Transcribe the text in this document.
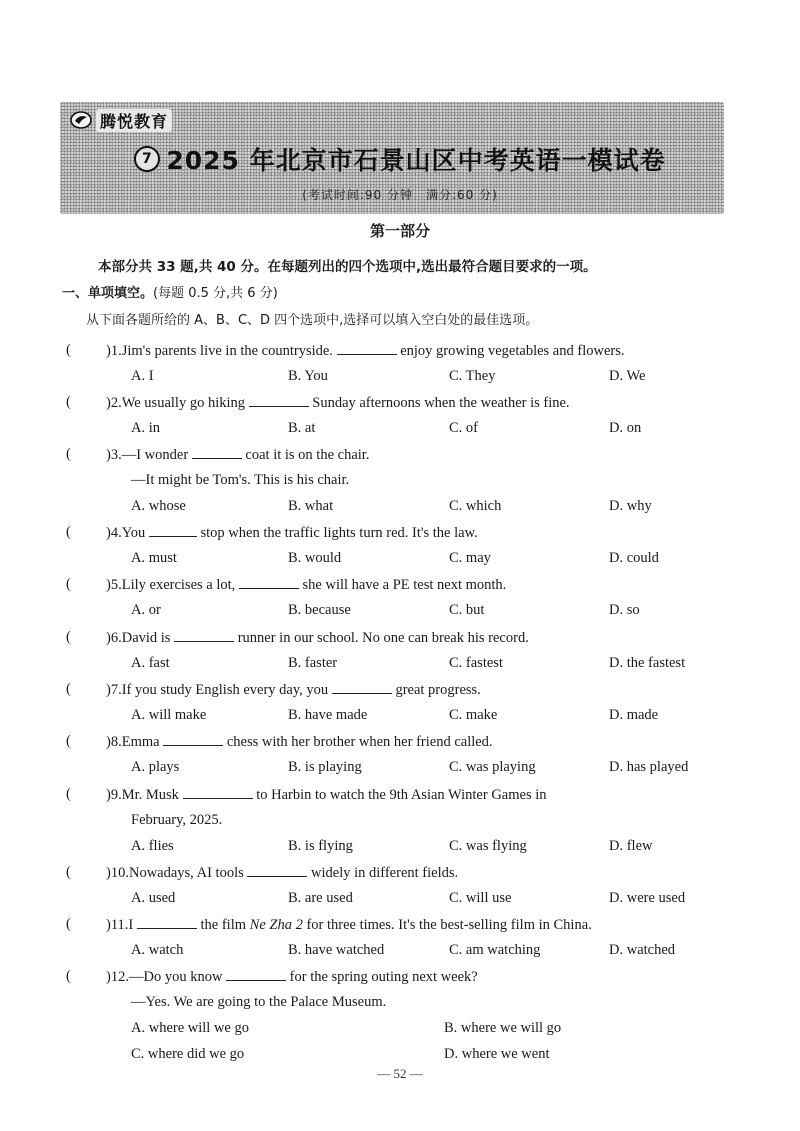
腾悦教育
7 2025 年北京市石景山区中考英语一模试卷
(考试时间:90 分钟　满分:60 分)
第一部分
本部分共 33 题,共 40 分。在每题列出的四个选项中,选出最符合题目要求的一项。
一、单项填空。(每题 0.5 分,共 6 分)
从下面各题所给的 A、B、C、D 四个选项中,选择可以填入空白处的最佳选项。
( )1.Jim's parents live in the countryside.	enjoy growing vegetables and flowers.
A. I	B. You	C. They	D. We
( )2.We usually go hiking	Sunday afternoons when the weather is fine.
A. in	B. at	C. of	D. on
( )3.—I wonder	coat it is on the chair.
—It might be Tom's. This is his chair.
A. whose	B. what	C. which	D. why
( )4.You	stop when the traffic lights turn red. It's the law.
A. must	B. would	C. may	D. could
( )5.Lily exercises a lot,	she will have a PE test next month.
A. or	B. because	C. but	D. so
( )6.David is	runner in our school. No one can break his record.
A. fast	B. faster	C. fastest	D. the fastest
( )7.If you study English every day, you	great progress.
A. will make	B. have made	C. make	D. made
( )8.Emma	chess with her brother when her friend called.
A. plays	B. is playing	C. was playing	D. has played
( )9.Mr. Musk	to Harbin to watch the 9th Asian Winter Games in
February, 2025.
A. flies	B. is flying	C. was flying	D. flew
( )10.Nowadays, AI tools	widely in different fields.
A. used	B. are used	C. will use	D. were used
( )11.I	the film Ne Zha 2 for three times. It's the best-selling film in China.
A. watch	B. have watched	C. am watching	D. watched
( )12.—Do you know	for the spring outing next week?
—Yes. We are going to the Palace Museum.
A. where will we go	B. where we will go
C. where did we go	D. where we went
— 52 —
